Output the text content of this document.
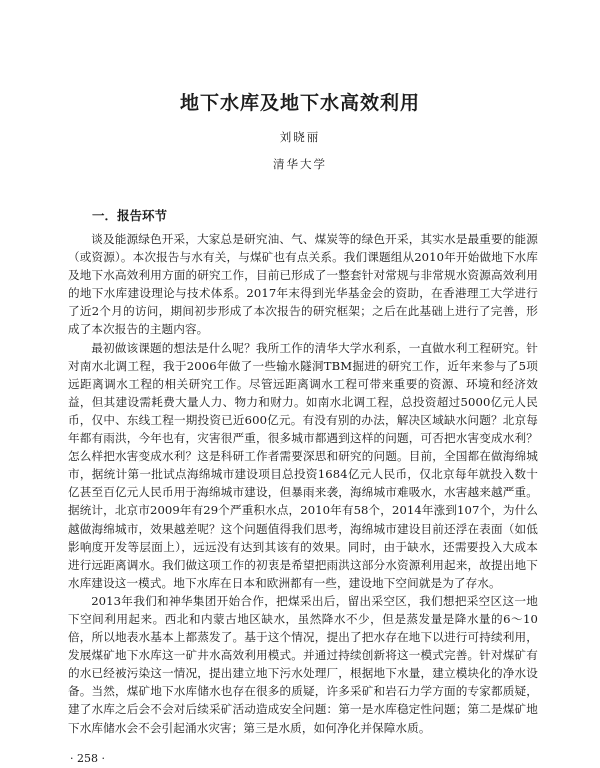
地下水库及地下水高效利用
刘晓丽
清华大学
一．报告环节

谈及能源绿色开采，大家总是研究油、气、煤炭等的绿色开采，其实水是最重要的能源（或资源）。本次报告与水有关，与煤矿也有点关系。我们课题组从2010年开始做地下水库及地下水高效利用方面的研究工作，目前已形成了一整套针对常规与非常规水资源高效利用的地下水库建设理论与技术体系。2017年末得到光华基金会的资助，在香港理工大学进行了近2个月的访问，期间初步形成了本次报告的研究框架；之后在此基础上进行了完善，形成了本次报告的主题内容。

最初做该课题的想法是什么呢？我所工作的清华大学水利系，一直做水利工程研究。针对南水北调工程，我于2006年做了一些输水隧洞TBM掘进的研究工作，近年来参与了5项远距离调水工程的相关研究工作。尽管远距离调水工程可带来重要的资源、环境和经济效益，但其建设需耗费大量人力、物力和财力。如南水北调工程，总投资超过5000亿元人民币，仅中、东线工程一期投资已近600亿元。有没有别的办法，解决区域缺水问题？北京每年都有雨洪，今年也有，灾害很严重，很多城市都遇到这样的问题，可否把水害变成水利？怎么样把水害变成水利？这是科研工作者需要深思和研究的问题。目前，全国都在做海绵城市，据统计第一批试点海绵城市建设项目总投资1684亿元人民币，仅北京每年就投入数十亿甚至百亿元人民币用于海绵城市建设，但暴雨来袭，海绵城市难吸水，水害越来越严重。据统计，北京市2009年有29个严重积水点，2010年有58个，2014年涨到107个，为什么越做海绵城市，效果越差呢？这个问题值得我们思考，海绵城市建设目前还浮在表面（如低影响度开发等层面上），远远没有达到其该有的效果。同时，由于缺水，还需要投入大成本进行远距离调水。我们做这项工作的初衷是希望把雨洪这部分水资源利用起来，故提出地下水库建设这一模式。地下水库在日本和欧洲都有一些，建设地下空间就是为了存水。

2013年我们和神华集团开始合作，把煤采出后，留出采空区，我们想把采空区这一地下空间利用起来。西北和内蒙古地区缺水，虽然降水不少，但是蒸发量是降水量的6～10倍，所以地表水基本上都蒸发了。基于这个情况，提出了把水存在地下以进行可持续利用，发展煤矿地下水库这一矿井水高效利用模式。并通过持续创新将这一模式完善。针对煤矿有的水已经被污染这一情况，提出建立地下污水处理厂，根据地下水量，建立模块化的净水设备。当然，煤矿地下水库储水也存在很多的质疑，许多采矿和岩石力学方面的专家都质疑，建了水库之后会不会对后续采矿活动造成安全问题：第一是水库稳定性问题；第二是煤矿地下水库储水会不会引起涌水灾害；第三是水质，如何净化并保障水质。

· 258 ·
